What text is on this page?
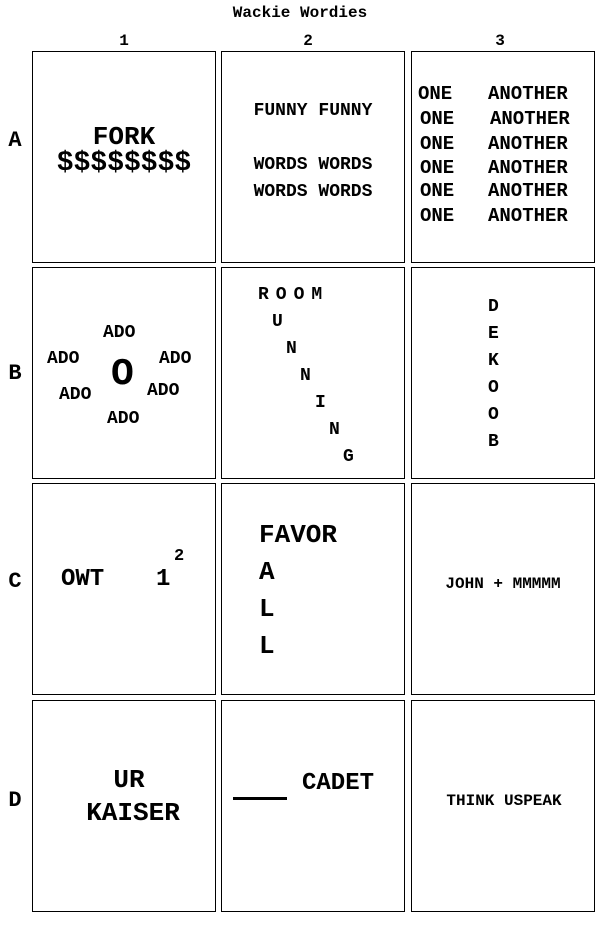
Wackie Wordies
1	2	3
A
B
C
D
FORK
$$$$$$$$
FUNNY FUNNY
WORDS WORDS
WORDS WORDS
ONE ANOTHER
ONE ANOTHER
ONE ANOTHER
ONE ANOTHER
ONE ANOTHER
ONE ANOTHER
ADO
ADO	ADO
O
ADO	ADO
ADO
ROOM
U
N
N
I
N
G
D
E
K
O
O
B
OWT 1
2
FAVOR
A
L
L
JOHN + MMMMM
UR
KAISER
CADET
THINK USPEAK
